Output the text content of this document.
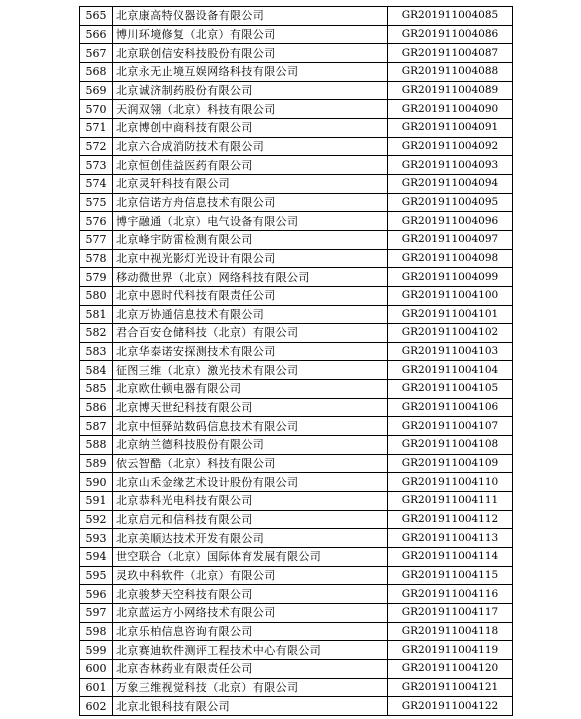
565	北京康高特仪器设备有限公司	GR201911004085
566	博川环境修复（北京）有限公司	GR201911004086
567	北京联创信安科技股份有限公司	GR201911004087
568	北京永无止境互娱网络科技有限公司	GR201911004088
569	北京诚济制药股份有限公司	GR201911004089
570	天润双翎（北京）科技有限公司	GR201911004090
571	北京博创中商科技有限公司	GR201911004091
572	北京六合成消防技术有限公司	GR201911004092
573	北京恒创佳益医药有限公司	GR201911004093
574	北京灵轩科技有限公司	GR201911004094
575	北京信诺方舟信息技术有限公司	GR201911004095
576	博宇融通（北京）电气设备有限公司	GR201911004096
577	北京峰宇防雷检测有限公司	GR201911004097
578	北京中视光影灯光设计有限公司	GR201911004098
579	移动微世界（北京）网络科技有限公司	GR201911004099
580	北京中恩时代科技有限责任公司	GR201911004100
581	北京万协通信息技术有限公司	GR201911004101
582	君合百安仓储科技（北京）有限公司	GR201911004102
583	北京华泰诺安探测技术有限公司	GR201911004103
584	征图三维（北京）激光技术有限公司	GR201911004104
585	北京欧仕顿电器有限公司	GR201911004105
586	北京博天世纪科技有限公司	GR201911004106
587	北京中恒驿站数码信息技术有限公司	GR201911004107
588	北京纳兰德科技股份有限公司	GR201911004108
589	依云智酷（北京）科技有限公司	GR201911004109
590	北京山禾金缘艺术设计股份有限公司	GR201911004110
591	北京恭科光电科技有限公司	GR201911004111
592	北京启元和信科技有限公司	GR201911004112
593	北京美顺达技术开发有限公司	GR201911004113
594	世空联合（北京）国际体育发展有限公司	GR201911004114
595	灵玖中科软件（北京）有限公司	GR201911004115
596	北京骏梦天空科技有限公司	GR201911004116
597	北京蓝运方小网络技术有限公司	GR201911004117
598	北京乐柏信息咨询有限公司	GR201911004118
599	北京赛迪软件测评工程技术中心有限公司	GR201911004119
600	北京杏林药业有限责任公司	GR201911004120
601	万象三维视觉科技（北京）有限公司	GR201911004121
602	北京北银科技有限公司	GR201911004122
